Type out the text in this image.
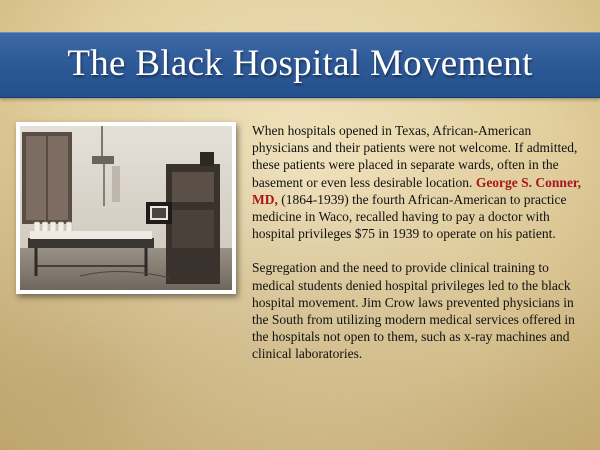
The Black Hospital Movement

When hospitals opened in Texas, African-American physicians and their patients were not welcome. If admitted, these patients were placed in separate wards, often in the basement or even less desirable location. George S. Conner, MD, (1864-1939) the fourth African-American to practice medicine in Waco, recalled having to pay a doctor with hospital privileges $75 in 1939 to operate on his patient.

Segregation and the need to provide clinical training to medical students denied hospital privileges led to the black hospital movement. Jim Crow laws prevented physicians in the South from utilizing modern medical services offered in the hospitals not open to them, such as x-ray machines and clinical laboratories.
